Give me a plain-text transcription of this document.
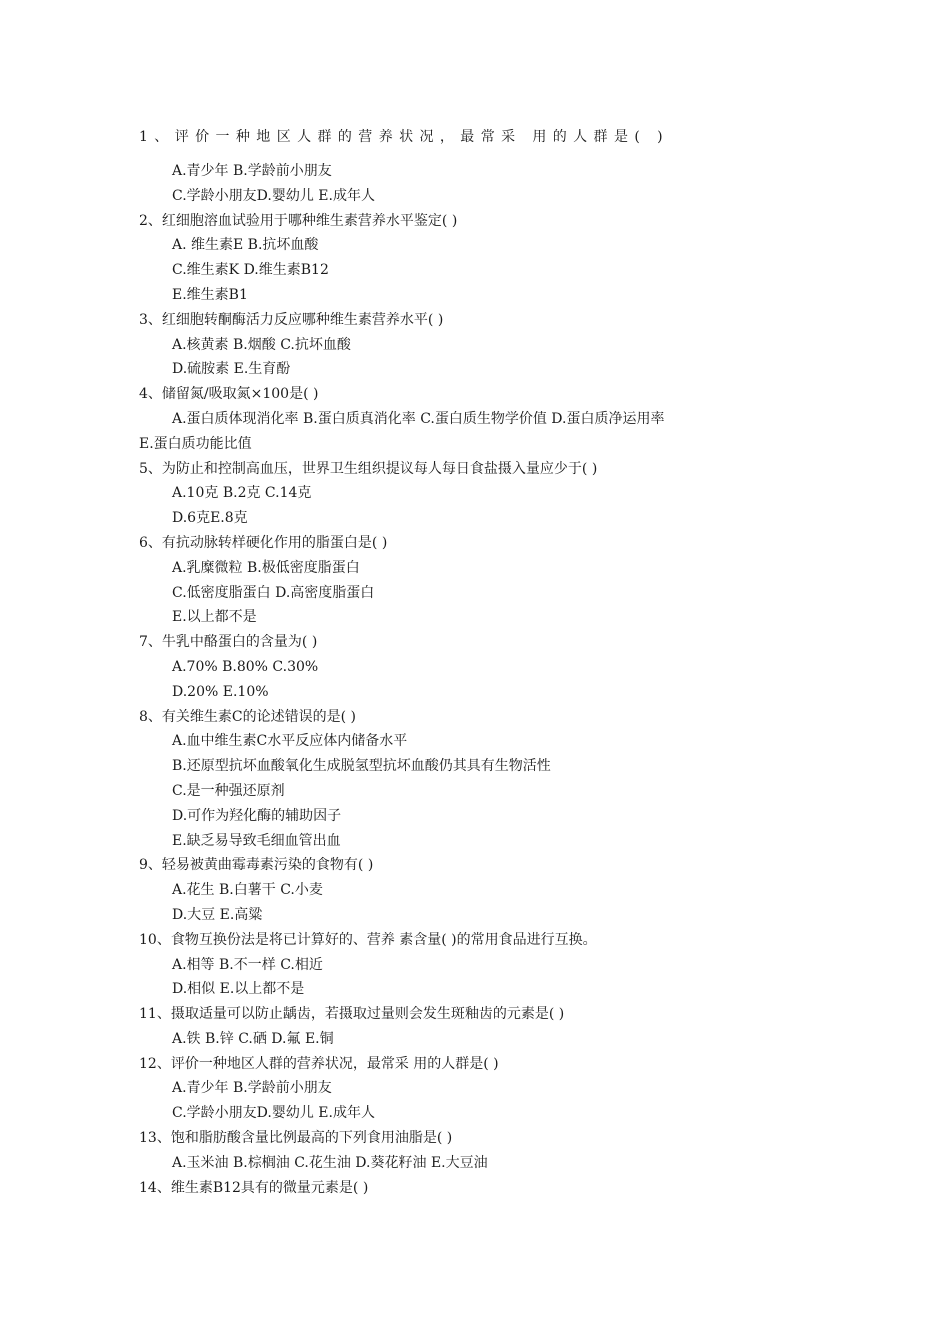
1、评价一种地区人群的营养状况，最常采 用的人群是( )
A.青少年 B.学龄前小朋友
C.学龄小朋友D.婴幼儿 E.成年人
2、红细胞溶血试验用于哪种维生素营养水平鉴定( )
A. 维生素E B.抗坏血酸
C.维生素K D.维生素B12
E.维生素B1
3、红细胞转酮酶活力反应哪种维生素营养水平( )
A.核黄素 B.烟酸 C.抗坏血酸
D.硫胺素 E.生育酚
4、储留氮/吸取氮×100是( )
A.蛋白质体现消化率 B.蛋白质真消化率 C.蛋白质生物学价值 D.蛋白质净运用率
E.蛋白质功能比值
5、为防止和控制高血压，世界卫生组织提议每人每日食盐摄入量应少于( )
A.10克 B.2克 C.14克
D.6克E.8克
6、有抗动脉转样硬化作用的脂蛋白是( )
A.乳糜微粒 B.极低密度脂蛋白
C.低密度脂蛋白 D.高密度脂蛋白
E.以上都不是
7、牛乳中酪蛋白的含量为( )
A.70% B.80% C.30%
D.20% E.10%
8、有关维生素C的论述错误的是( )
A.血中维生素C水平反应体内储备水平
B.还原型抗坏血酸氧化生成脱氢型抗坏血酸仍其具有生物活性
C.是一种强还原剂
D.可作为羟化酶的辅助因子
E.缺乏易导致毛细血管出血
9、轻易被黄曲霉毒素污染的食物有( )
A.花生 B.白薯干 C.小麦
D.大豆 E.高粱
10、食物互换份法是将已计算好的、营养 素含量( )的常用食品进行互换。
A.相等 B.不一样 C.相近
D.相似 E.以上都不是
11、摄取适量可以防止龋齿，若摄取过量则会发生斑釉齿的元素是( )
A.铁 B.锌 C.硒 D.氟 E.铜
12、评价一种地区人群的营养状况，最常采 用的人群是( )
A.青少年 B.学龄前小朋友
C.学龄小朋友D.婴幼儿 E.成年人
13、饱和脂肪酸含量比例最高的下列食用油脂是( )
A.玉米油 B.棕榈油 C.花生油 D.葵花籽油 E.大豆油
14、维生素B12具有的微量元素是( )
